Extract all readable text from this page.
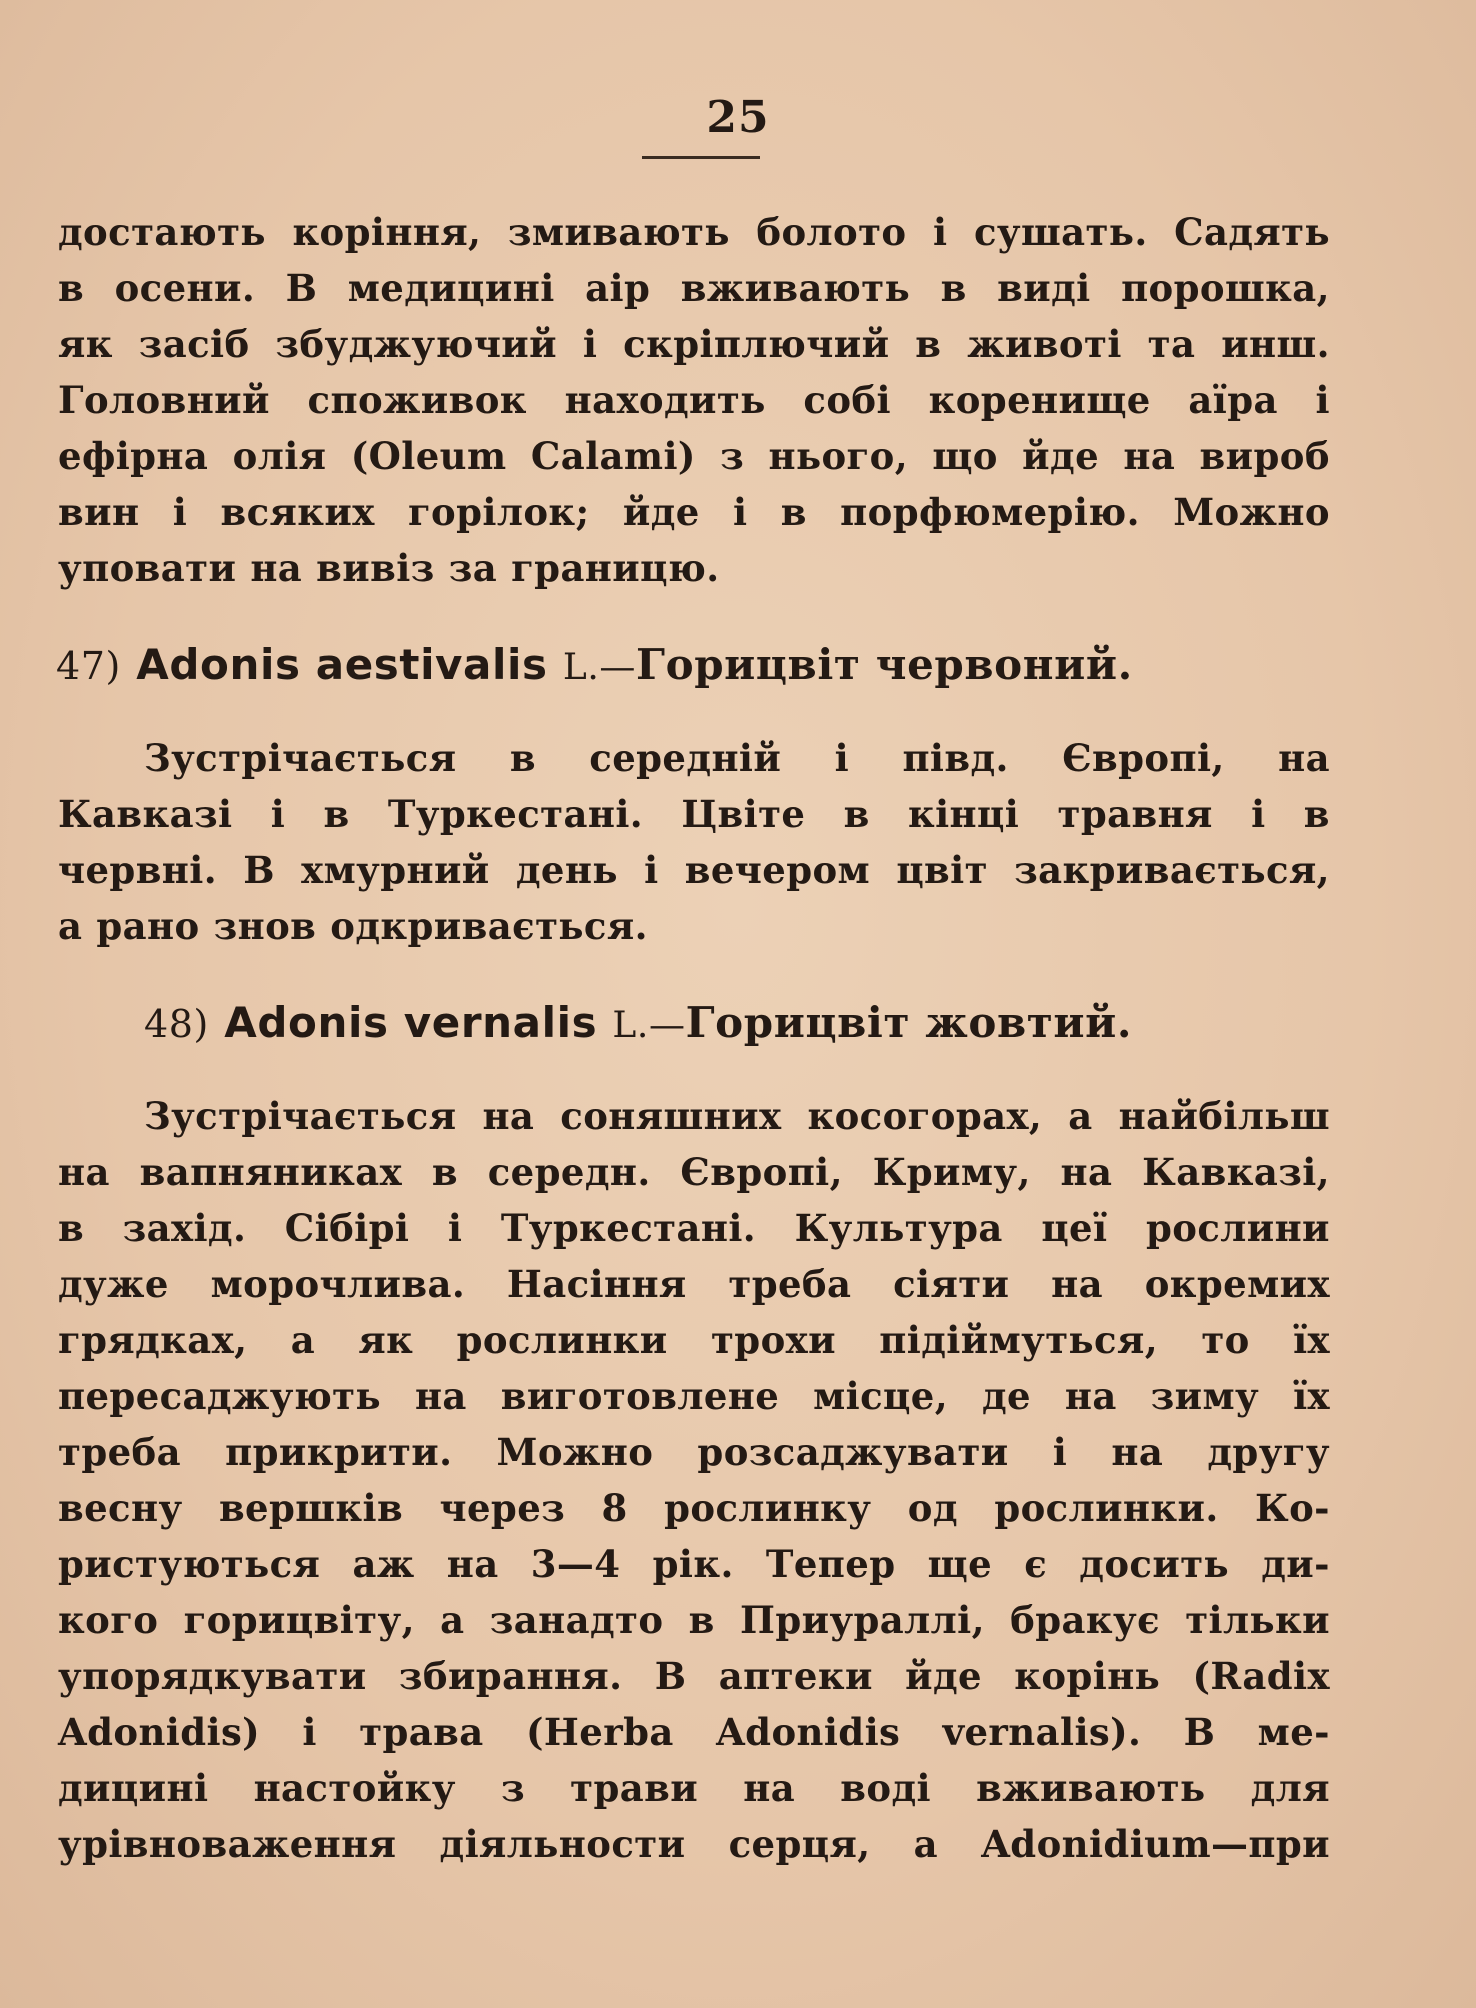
25
достають коріння, змивають болото і сушать. Садять
в осени. В медицині аір вживають в виді порошка,
як засіб збуджуючий і скріплючий в животі та инш.
Головний споживок находить собі коренище аїра і
ефірна олія (Oleum Calami) з нього, що йде на вироб
вин і всяких горілок; йде і в порфюмерію. Можно
уповати на вивіз за границю.
47) Adonis aestivalis L.—Горицвіт червоний.
Зустрічається в середній і півд. Європі, на
Кавказі і в Туркестані. Цвіте в кінці травня і в
червні. В хмурний день і вечером цвіт закривається,
а рано знов одкривається.
48) Adonis vernalis L.—Горицвіт жовтий.
Зустрічається на соняшних косогорах, а найбільш
на вапняниках в середн. Європі, Криму, на Кавказі,
в захід. Сібірі і Туркестані. Культура цеї рослини
дуже морочлива. Насіння треба сіяти на окремих
грядках, а як рослинки трохи підіймуться, то їх
пересаджують на виготовлене місце, де на зиму їх
треба прикрити. Можно розсаджувати і на другу
весну вершків через 8 рослинку од рослинки. Ко-
ристуються аж на 3—4 рік. Тепер ще є досить ди-
кого горицвіту, а занадто в Приураллі, бракує тільки
упорядкувати збирання. В аптеки йде корінь (Radix
Adonidis) і трава (Herba Adonidis vernalis). В ме-
дицині настойку з трави на воді вживають для
урівноваження діяльности серця, а Adonidium—при
